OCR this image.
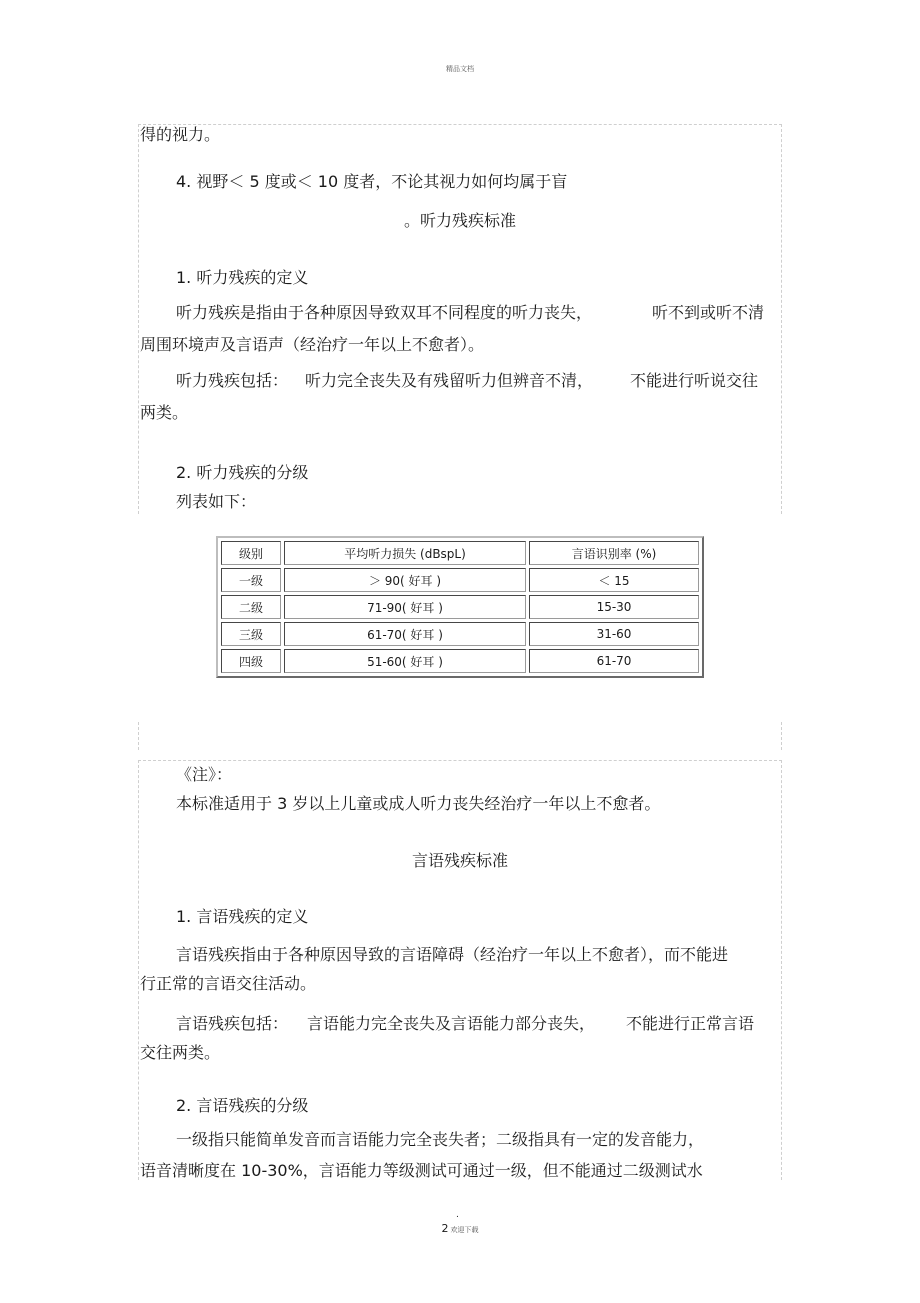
精品文档
得的视力。
4. 视野＜ 5 度或＜ 10 度者，不论其视力如何均属于盲
。听力残疾标准
1. 听力残疾的定义
听力残疾是指由于各种原因导致双耳不同程度的听力丧失，	听不到或听不清
周围环境声及言语声（经治疗一年以上不愈者）。
听力残疾包括： 听力完全丧失及有残留听力但辨音不清， 不能进行听说交往
两类。
2. 听力残疾的分级
列表如下：
级别	平均听力损失 (dBspL)	言语识别率 (%)
一级	＞ 90( 好耳 )	＜ 15
二级	71-90( 好耳 )	15-30
三级	61-70( 好耳 )	31-60
四级	51-60( 好耳 )	61-70
《注》：
本标准适用于 3 岁以上儿童或成人听力丧失经治疗一年以上不愈者。
言语残疾标准
1. 言语残疾的定义
言语残疾指由于各种原因导致的言语障碍（经治疗一年以上不愈者），而不能进
行正常的言语交往活动。
言语残疾包括： 言语能力完全丧失及言语能力部分丧失， 不能进行正常言语
交往两类。
2. 言语残疾的分级
一级指只能简单发音而言语能力完全丧失者；二级指具有一定的发音能力，
语音清晰度在 10-30%，言语能力等级测试可通过一级，但不能通过二级测试水
.
2 欢迎下载
